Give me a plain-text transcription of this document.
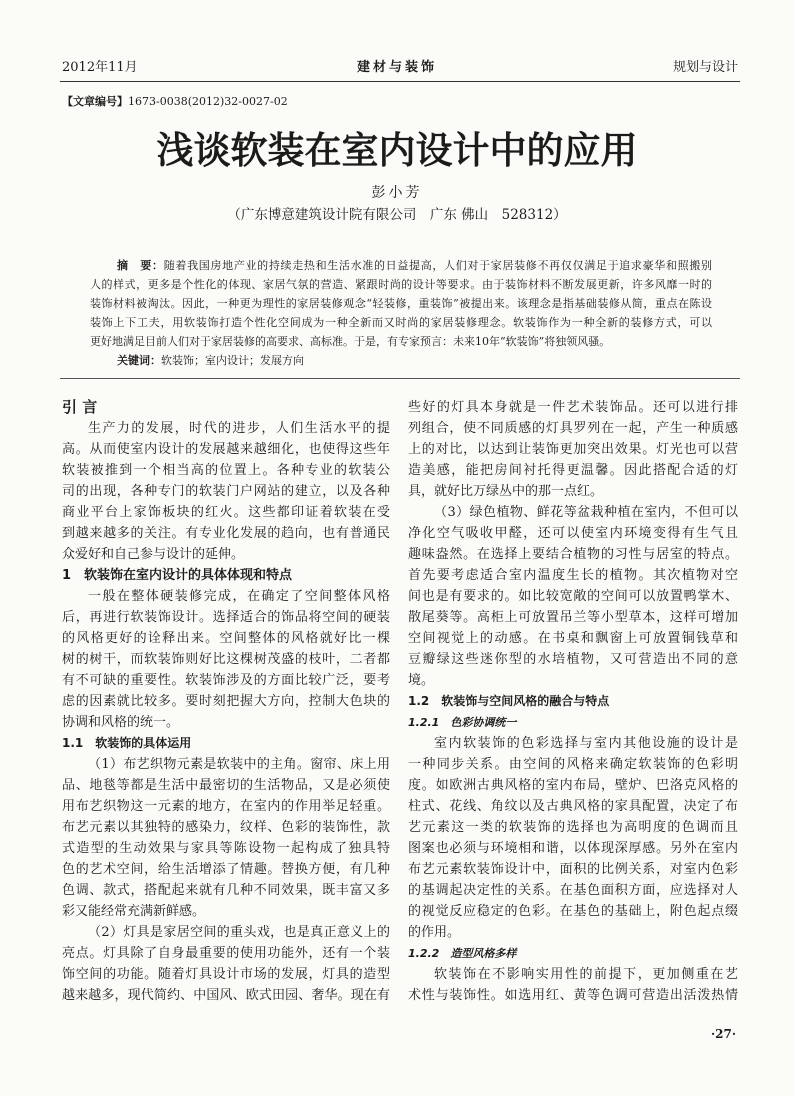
2012年11月	建材与装饰	规划与设计
【文章编号】1673-0038(2012)32-0027-02
浅谈软装在室内设计中的应用
彭小芳
（广东博意建筑设计院有限公司　广东 佛山　528312）
摘　要：随着我国房地产业的持续走热和生活水准的日益提高，人们对于家居装修不再仅仅满足于追求豪华和照搬别
人的样式，更多是个性化的体现、家居气氛的营造、紧跟时尚的设计等要求。由于装饰材料不断发展更新，许多风靡一时的
装饰材料被淘汰。因此，一种更为理性的家居装修观念“轻装修，重装饰”被提出来。该理念是指基础装修从简，重点在陈设
装饰上下工夫，用软装饰打造个性化空间成为一种全新而又时尚的家居装修理念。软装饰作为一种全新的装修方式，可以
更好地满足目前人们对于家居装修的高要求、高标准。于是，有专家预言：未来10年“软装饰”将独领风骚。
关键词：软装饰；室内设计；发展方向
引 言
生产力的发展，时代的进步，人们生活水平的提
高。从而使室内设计的发展越来越细化，也使得这些年
软装被推到一个相当高的位置上。各种专业的软装公
司的出现，各种专门的软装门户网站的建立，以及各种
商业平台上家饰板块的红火。这些都印证着软装在受
到越来越多的关注。有专业化发展的趋向，也有普通民
众爱好和自己参与设计的延伸。
1　软装饰在室内设计的具体体现和特点
一般在整体硬装修完成，在确定了空间整体风格
后，再进行软装饰设计。选择适合的饰品将空间的硬装
的风格更好的诠释出来。空间整体的风格就好比一棵
树的树干，而软装饰则好比这棵树茂盛的枝叶，二者都
有不可缺的重要性。软装饰涉及的方面比较广泛，要考
虑的因素就比较多。要时刻把握大方向，控制大色块的
协调和风格的统一。
1.1　软装饰的具体运用
（1）布艺织物元素是软装中的主角。窗帘、床上用
品、地毯等都是生活中最密切的生活物品，又是必须使
用布艺织物这一元素的地方，在室内的作用举足轻重。
布艺元素以其独特的感染力，纹样、色彩的装饰性，款
式造型的生动效果与家具等陈设物一起构成了独具特
色的艺术空间，给生活增添了情趣。替换方便，有几种
色调、款式，搭配起来就有几种不同效果，既丰富又多
彩又能经常充满新鲜感。
（2）灯具是家居空间的重头戏，也是真正意义上的
亮点。灯具除了自身最重要的使用功能外，还有一个装
饰空间的功能。随着灯具设计市场的发展，灯具的造型
越来越多，现代简约、中国风、欧式田园、奢华。现在有
些好的灯具本身就是一件艺术装饰品。还可以进行排
列组合，使不同质感的灯具罗列在一起，产生一种质感
上的对比，以达到让装饰更加突出效果。灯光也可以营
造美感，能把房间衬托得更温馨。因此搭配合适的灯
具，就好比万绿丛中的那一点红。
（3）绿色植物、鲜花等盆栽种植在室内，不但可以
净化空气吸收甲醛，还可以使室内环境变得有生气且
趣味盎然。在选择上要结合植物的习性与居室的特点。
首先要考虑适合室内温度生长的植物。其次植物对空
间也是有要求的。如比较宽敞的空间可以放置鸭掌木、
散尾葵等。高柜上可放置吊兰等小型草本，这样可增加
空间视觉上的动感。在书桌和飘窗上可放置铜钱草和
豆瓣绿这些迷你型的水培植物，又可营造出不同的意
境。
1.2　软装饰与空间风格的融合与特点
1.2.1　色彩协调统一
室内软装饰的色彩选择与室内其他设施的设计是
一种同步关系。由空间的风格来确定软装饰的色彩明
度。如欧洲古典风格的室内布局，壁炉、巴洛克风格的
柱式、花线、角纹以及古典风格的家具配置，决定了布
艺元素这一类的软装饰的选择也为高明度的色调而且
图案也必须与环境相和谐，以体现深厚感。另外在室内
布艺元素软装饰设计中，面积的比例关系，对室内色彩
的基调起决定性的关系。在基色面积方面，应选择对人
的视觉反应稳定的色彩。在基色的基础上，附色起点缀
的作用。
1.2.2　造型风格多样
软装饰在不影响实用性的前提下，更加侧重在艺
术性与装饰性。如选用红、黄等色调可营造出活泼热情
·27·
